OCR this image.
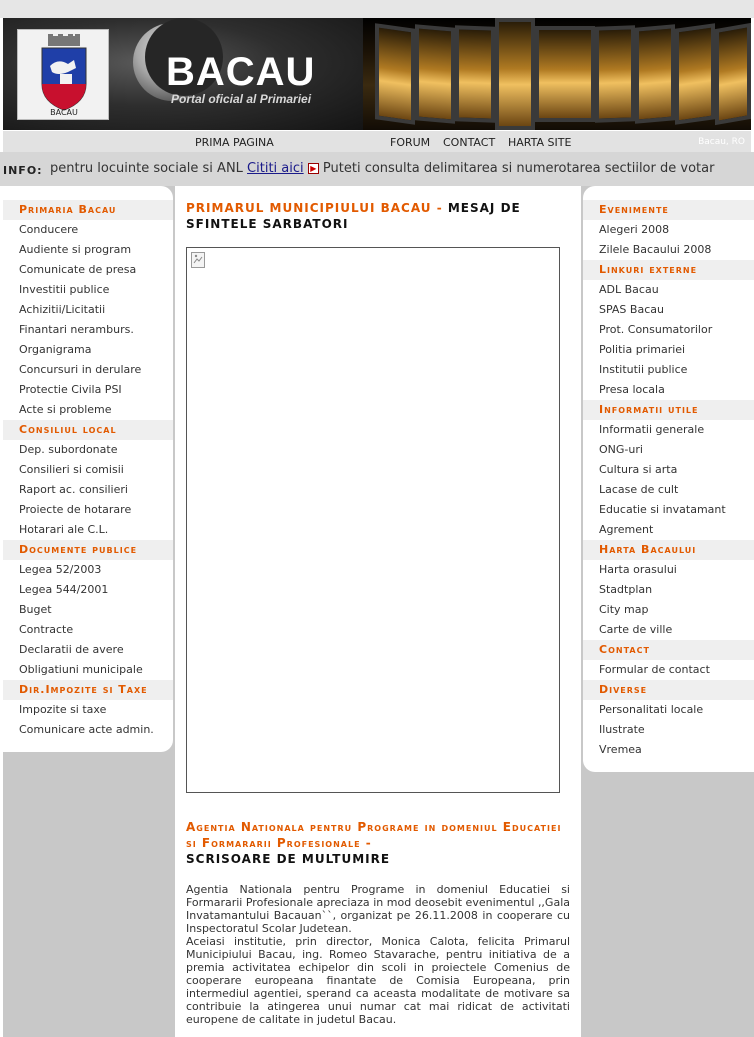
BACAU
BACAU
Portal oficial al Primariei
PRIMA PAGINA	FORUM CONTACT HARTA SITE	Bacau, RO
INFO: pentru locuinte sociale si ANL Cititi aici ▶ Puteti consulta delimitarea si numerotarea sectiilor de votar
Primaria Bacau
Conducere
Audiente si program
Comunicate de presa
Investitii publice
Achizitii/Licitatii
Finantari neramburs.
Organigrama
Concursuri in derulare
Protectie Civila PSI
Acte si probleme
Consiliul local
Dep. subordonate
Consilieri si comisii
Raport ac. consilieri
Proiecte de hotarare
Hotarari ale C.L.
Documente publice
Legea 52/2003
Legea 544/2001
Buget
Contracte
Declaratii de avere
Obligatiuni municipale
Dir.Impozite si Taxe
Impozite si taxe
Comunicare acte admin.
Evenimente
Alegeri 2008
Zilele Bacaului 2008
Linkuri externe
ADL Bacau
SPAS Bacau
Prot. Consumatorilor
Politia primariei
Institutii publice
Presa locala
Informatii utile
Informatii generale
ONG-uri
Cultura si arta
Lacase de cult
Educatie si invatamant
Agrement
Harta Bacaului
Harta orasului
Stadtplan
City map
Carte de ville
Contact
Formular de contact
Diverse
Personalitati locale
Ilustrate
Vremea
PRIMARUL MUNICIPIULUI BACAU - MESAJ DE SFINTELE SARBATORI
Agentia Nationala pentru Programe in domeniul Educatiei si Formararii Profesionale -
SCRISOARE DE MULTUMIRE

Agentia Nationala pentru Programe in domeniul Educatiei si Formararii Profesionale apreciaza in mod deosebit evenimentul ,,Gala Invatamantului Bacauan``, organizat pe 26.11.2008 in cooperare cu Inspectoratul Scolar Judetean.

Aceiasi institutie, prin director, Monica Calota, felicita Primarul Municipiului Bacau, ing. Romeo Stavarache, pentru initiativa de a premia activitatea echipelor din scoli in proiectele Comenius de cooperare europeana finantate de Comisia Europeana, prin intermediul agentiei, sperand ca aceasta modalitate de motivare sa contribuie la atingerea unui numar cat mai ridicat de activitati europene de calitate in judetul Bacau.
